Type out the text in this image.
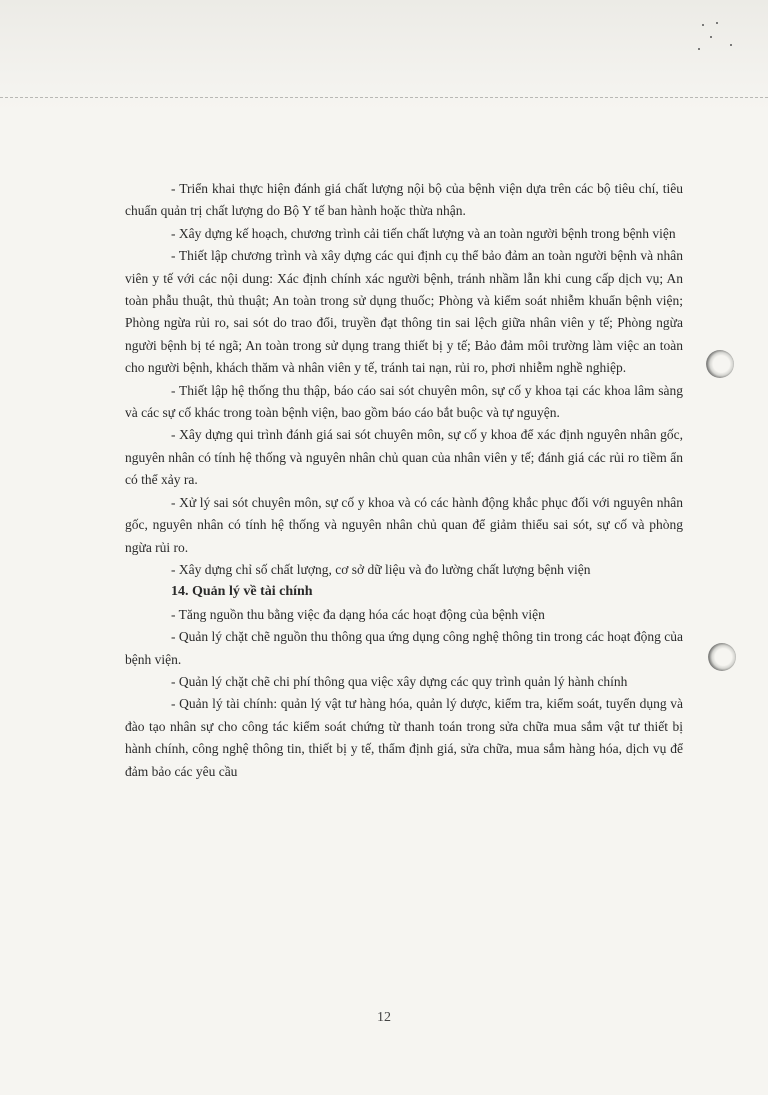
- Triển khai thực hiện đánh giá chất lượng nội bộ của bệnh viện dựa trên các bộ tiêu chí, tiêu chuẩn quản trị chất lượng do Bộ Y tế ban hành hoặc thừa nhận.

- Xây dựng kế hoạch, chương trình cải tiến chất lượng và an toàn người bệnh trong bệnh viện

- Thiết lập chương trình và xây dựng các qui định cụ thể bảo đảm an toàn người bệnh và nhân viên y tế với các nội dung: Xác định chính xác người bệnh, tránh nhầm lẫn khi cung cấp dịch vụ; An toàn phẫu thuật, thủ thuật; An toàn trong sử dụng thuốc; Phòng và kiểm soát nhiễm khuẩn bệnh viện; Phòng ngừa rủi ro, sai sót do trao đổi, truyền đạt thông tin sai lệch giữa nhân viên y tế; Phòng ngừa người bệnh bị té ngã; An toàn trong sử dụng trang thiết bị y tế; Bảo đảm môi trường làm việc an toàn cho người bệnh, khách thăm và nhân viên y tế, tránh tai nạn, rủi ro, phơi nhiễm nghề nghiệp.

- Thiết lập hệ thống thu thập, báo cáo sai sót chuyên môn, sự cố y khoa tại các khoa lâm sàng và các sự cố khác trong toàn bệnh viện, bao gồm báo cáo bắt buộc và tự nguyện.

- Xây dựng qui trình đánh giá sai sót chuyên môn, sự cố y khoa để xác định nguyên nhân gốc, nguyên nhân có tính hệ thống và nguyên nhân chủ quan của nhân viên y tế; đánh giá các rủi ro tiềm ẩn có thể xảy ra.

- Xử lý sai sót chuyên môn, sự cố y khoa và có các hành động khắc phục đối với nguyên nhân gốc, nguyên nhân có tính hệ thống và nguyên nhân chủ quan để giảm thiểu sai sót, sự cố và phòng ngừa rủi ro.

- Xây dựng chỉ số chất lượng, cơ sở dữ liệu và đo lường chất lượng bệnh viện

14. Quản lý về tài chính

- Tăng nguồn thu bằng việc đa dạng hóa các hoạt động của bệnh viện

- Quản lý chặt chẽ nguồn thu thông qua ứng dụng công nghệ thông tin trong các hoạt động của bệnh viện.

- Quản lý chặt chẽ chi phí thông qua việc xây dựng các quy trình quản lý hành chính

- Quản lý tài chính: quản lý vật tư hàng hóa, quản lý dược, kiểm tra, kiểm soát, tuyển dụng và đào tạo nhân sự cho công tác kiểm soát chứng từ thanh toán trong sửa chữa mua sắm vật tư thiết bị hành chính, công nghệ thông tin, thiết bị y tế, thẩm định giá, sửa chữa, mua sắm hàng hóa, dịch vụ để đảm bảo các yêu cầu

12
